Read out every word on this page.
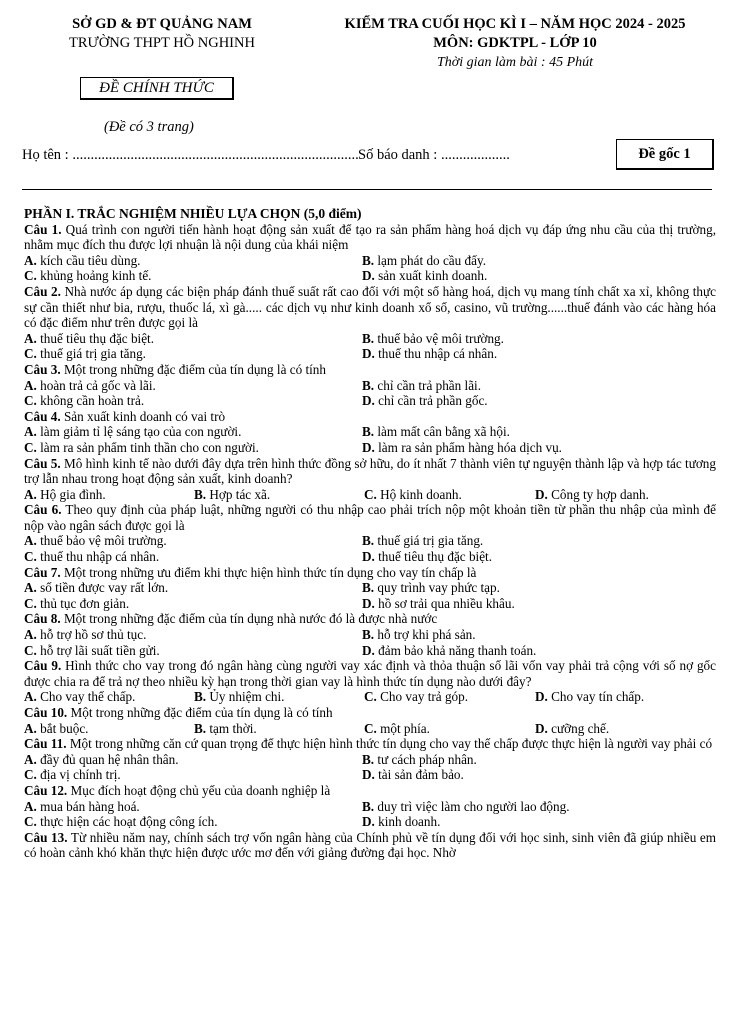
SỞ GD & ĐT QUẢNG NAM
TRƯỜNG THPT HỒ NGHINH
KIỂM TRA CUỐI HỌC KÌ I – NĂM HỌC 2024 - 2025
MÔN: GDKTPL - LỚP 10
Thời gian làm bài : 45 Phút
ĐỀ CHÍNH THỨC
(Đề có 3 trang)
Họ tên : ............................................................................... Số báo danh : ...................	Đề gốc 1
PHẦN I. TRẮC NGHIỆM NHIỀU LỰA CHỌN (5,0 điểm)
Câu 1. Quá trình con người tiến hành hoạt động sản xuất để tạo ra sản phẩm hàng hoá dịch vụ đáp ứng nhu cầu của thị trường, nhằm mục đích thu được lợi nhuận là nội dung của khái niệm
A. kích cầu tiêu dùng.	B. lạm phát do cầu đẩy.
C. khủng hoảng kinh tế.	D. sản xuất kinh doanh.
Câu 2. Nhà nước áp dụng các biện pháp đánh thuế suất rất cao đối với một số hàng hoá, dịch vụ mang tính chất xa xỉ, không thực sự cần thiết như bia, rượu, thuốc lá, xì gà..... các dịch vụ như kinh doanh xổ số, casino, vũ trường......thuế đánh vào các hàng hóa có đặc điểm như trên được gọi là
A. thuế tiêu thụ đặc biệt.	B. thuế bảo vệ môi trường.
C. thuế giá trị gia tăng.	D. thuế thu nhập cá nhân.
Câu 3. Một trong những đặc điểm của tín dụng là có tính
A. hoàn trả cả gốc và lãi.	B. chỉ cần trả phần lãi.
C. không cần hoàn trả.	D. chỉ cần trả phần gốc.
Câu 4. Sản xuất kinh doanh có vai trò
A. làm giảm tỉ lệ sáng tạo của con người.	B. làm mất cân bằng xã hội.
C. làm ra sản phẩm tinh thần cho con người.	D. làm ra sản phẩm hàng hóa dịch vụ.
Câu 5. Mô hình kinh tế nào dưới đây dựa trên hình thức đồng sở hữu, do ít nhất 7 thành viên tự nguyện thành lập và hợp tác tương trợ lẫn nhau trong hoạt động sản xuất, kinh doanh?
A. Hộ gia đình.	B. Hợp tác xã.	C. Hộ kinh doanh.	D. Công ty hợp danh.
Câu 6. Theo quy định của pháp luật, những người có thu nhập cao phải trích nộp một khoản tiền từ phần thu nhập của mình để nộp vào ngân sách được gọi là
A. thuế bảo vệ môi trường.	B. thuế giá trị gia tăng.
C. thuế thu nhập cá nhân.	D. thuế tiêu thụ đặc biệt.
Câu 7. Một trong những ưu điểm khi thực hiện hình thức tín dụng cho vay tín chấp là
A. số tiền được vay rất lớn.	B. quy trình vay phức tạp.
C. thủ tục đơn giản.	D. hồ sơ trải qua nhiều khâu.
Câu 8. Một trong những đặc điểm của tín dụng nhà nước đó là được nhà nước
A. hỗ trợ hồ sơ thủ tục.	B. hỗ trợ khi phá sản.
C. hỗ trợ lãi suất tiền gửi.	D. đảm bảo khả năng thanh toán.
Câu 9. Hình thức cho vay trong đó ngân hàng cùng người vay xác định và thỏa thuận số lãi vốn vay phải trả cộng với số nợ gốc được chia ra để trả nợ theo nhiều kỳ hạn trong thời gian vay là hình thức tín dụng nào dưới đây?
A. Cho vay thế chấp.	B. Ủy nhiệm chi.	C. Cho vay trả góp.	D. Cho vay tín chấp.
Câu 10. Một trong những đặc điểm của tín dụng là có tính
A. bắt buộc.	B. tạm thời.	C. một phía.	D. cưỡng chế.
Câu 11. Một trong những căn cứ quan trọng để thực hiện hình thức tín dụng cho vay thế chấp được thực hiện là người vay phải có
A. đầy đủ quan hệ nhân thân.	B. tư cách pháp nhân.
C. địa vị chính trị.	D. tài sản đảm bảo.
Câu 12. Mục đích hoạt động chủ yếu của doanh nghiệp là
A. mua bán hàng hoá.	B. duy trì việc làm cho người lao động.
C. thực hiện các hoạt động công ích.	D. kinh doanh.
Câu 13. Từ nhiều năm nay, chính sách trợ vốn ngân hàng của Chính phủ về tín dụng đối với học sinh, sinh viên đã giúp nhiều em có hoàn cảnh khó khăn thực hiện được ước mơ đến với giảng đường đại học. Nhờ
